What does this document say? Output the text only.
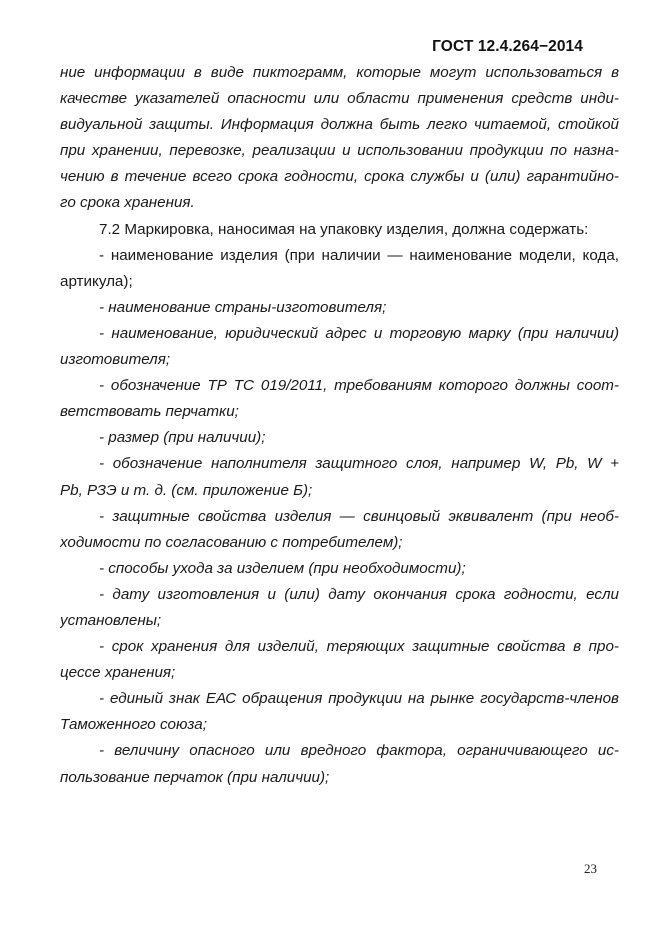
ГОСТ 12.4.264−2014
ние информации в виде пиктограмм, которые могут использоваться в
качестве указателей опасности или области применения средств инди-
видуальной защиты. Информация должна быть легко читаемой, стойкой
при хранении, перевозке, реализации и использовании продукции по назна-
чению в течение всего срока годности, срока службы и (или) гарантийно-
го срока хранения.
7.2 Маркировка, наносимая на упаковку изделия, должна содержать:
- наименование изделия (при наличии — наименование модели, кода,
артикула);
- наименование страны-изготовителя;
- наименование, юридический адрес и торговую марку (при наличии)
изготовителя;
- обозначение ТР ТС 019/2011, требованиям которого должны соот-
ветствовать перчатки;
- размер (при наличии);
- обозначение наполнителя защитного слоя, например W, Pb, W +
Pb, РЗЭ и т. д. (см. приложение Б);
- защитные свойства изделия — свинцовый эквивалент (при необ-
ходимости по согласованию с потребителем);
- способы ухода за изделием (при необходимости);
- дату изготовления и (или) дату окончания срока годности, если
установлены;
- срок хранения для изделий, теряющих защитные свойства в про-
цессе хранения;
- единый знак ЕАС обращения продукции на рынке государств-членов
Таможенного союза;
- величину опасного или вредного фактора, ограничивающего ис-
пользование перчаток (при наличии);
23
